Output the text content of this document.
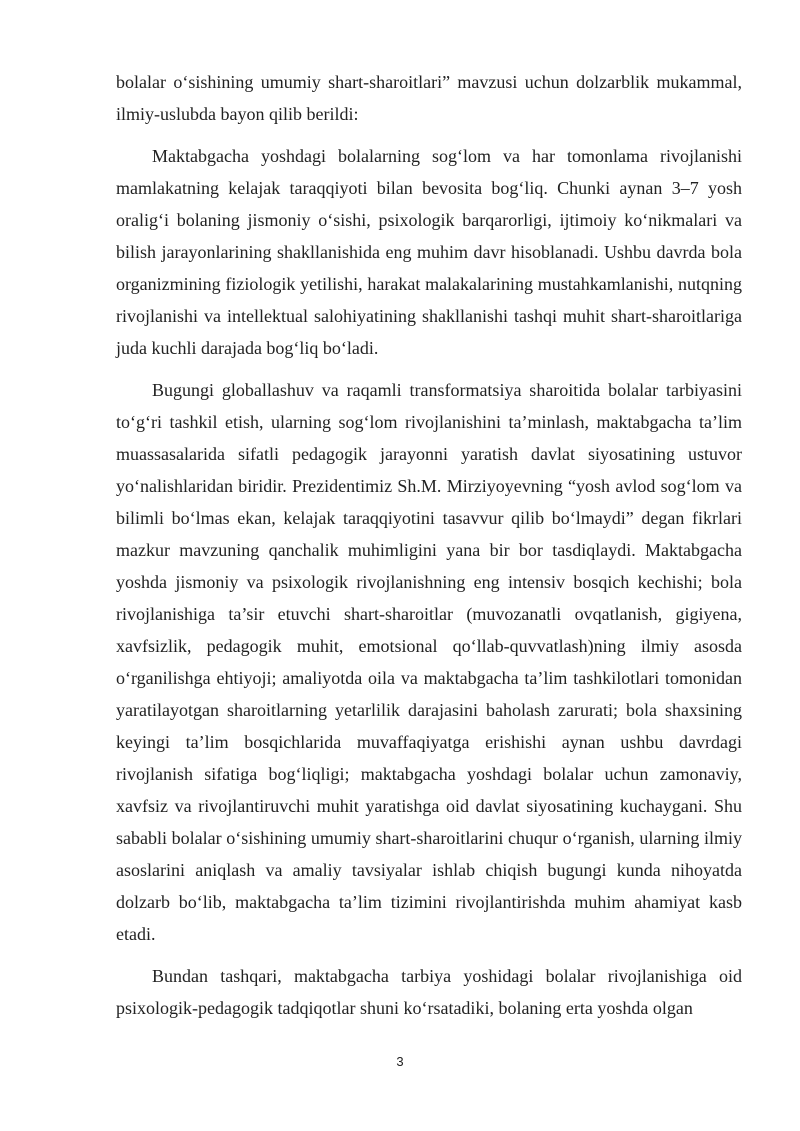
bolalar o‘sishining umumiy shart-sharoitlari” mavzusi uchun dolzarblik mukammal, ilmiy-uslubda bayon qilib berildi:

Maktabgacha yoshdagi bolalarning sog‘lom va har tomonlama rivojlanishi mamlakatning kelajak taraqqiyoti bilan bevosita bog‘liq. Chunki aynan 3–7 yosh oralig‘i bolaning jismoniy o‘sishi, psixologik barqarorligi, ijtimoiy ko‘nikmalari va bilish jarayonlarining shakllanishida eng muhim davr hisoblanadi. Ushbu davrda bola organizmining fiziologik yetilishi, harakat malakalarining mustahkamlanishi, nutqning rivojlanishi va intellektual salohiyatining shakllanishi tashqi muhit shart-sharoitlariga juda kuchli darajada bog‘liq bo‘ladi.

Bugungi globallashuv va raqamli transformatsiya sharoitida bolalar tarbiyasini to‘g‘ri tashkil etish, ularning sog‘lom rivojlanishini ta’minlash, maktabgacha ta’lim muassasalarida sifatli pedagogik jarayonni yaratish davlat siyosatining ustuvor yo‘nalishlaridan biridir. Prezidentimiz Sh.M. Mirziyoyevning “yosh avlod sog‘lom va bilimli bo‘lmas ekan, kelajak taraqqiyotini tasavvur qilib bo‘lmaydi” degan fikrlari mazkur mavzuning qanchalik muhimligini yana bir bor tasdiqlaydi. Maktabgacha yoshda jismoniy va psixologik rivojlanishning eng intensiv bosqich kechishi; bola rivojlanishiga ta’sir etuvchi shart-sharoitlar (muvozanatli ovqatlanish, gigiyena, xavfsizlik, pedagogik muhit, emotsional qo‘llab-quvvatlash)ning ilmiy asosda o‘rganilishga ehtiyoji; amaliyotda oila va maktabgacha ta’lim tashkilotlari tomonidan yaratilayotgan sharoitlarning yetarlilik darajasini baholash zarurati; bola shaxsining keyingi ta’lim bosqichlarida muvaffaqiyatga erishishi aynan ushbu davrdagi rivojlanish sifatiga bog‘liqligi; maktabgacha yoshdagi bolalar uchun zamonaviy, xavfsiz va rivojlantiruvchi muhit yaratishga oid davlat siyosatining kuchaygani. Shu sababli bolalar o‘sishining umumiy shart-sharoitlarini chuqur o‘rganish, ularning ilmiy asoslarini aniqlash va amaliy tavsiyalar ishlab chiqish bugungi kunda nihoyatda dolzarb bo‘lib, maktabgacha ta’lim tizimini rivojlantirishda muhim ahamiyat kasb etadi.

Bundan tashqari, maktabgacha tarbiya yoshidagi bolalar rivojlanishiga oid psixologik-pedagogik tadqiqotlar shuni ko‘rsatadiki, bolaning erta yoshda olgan

3
